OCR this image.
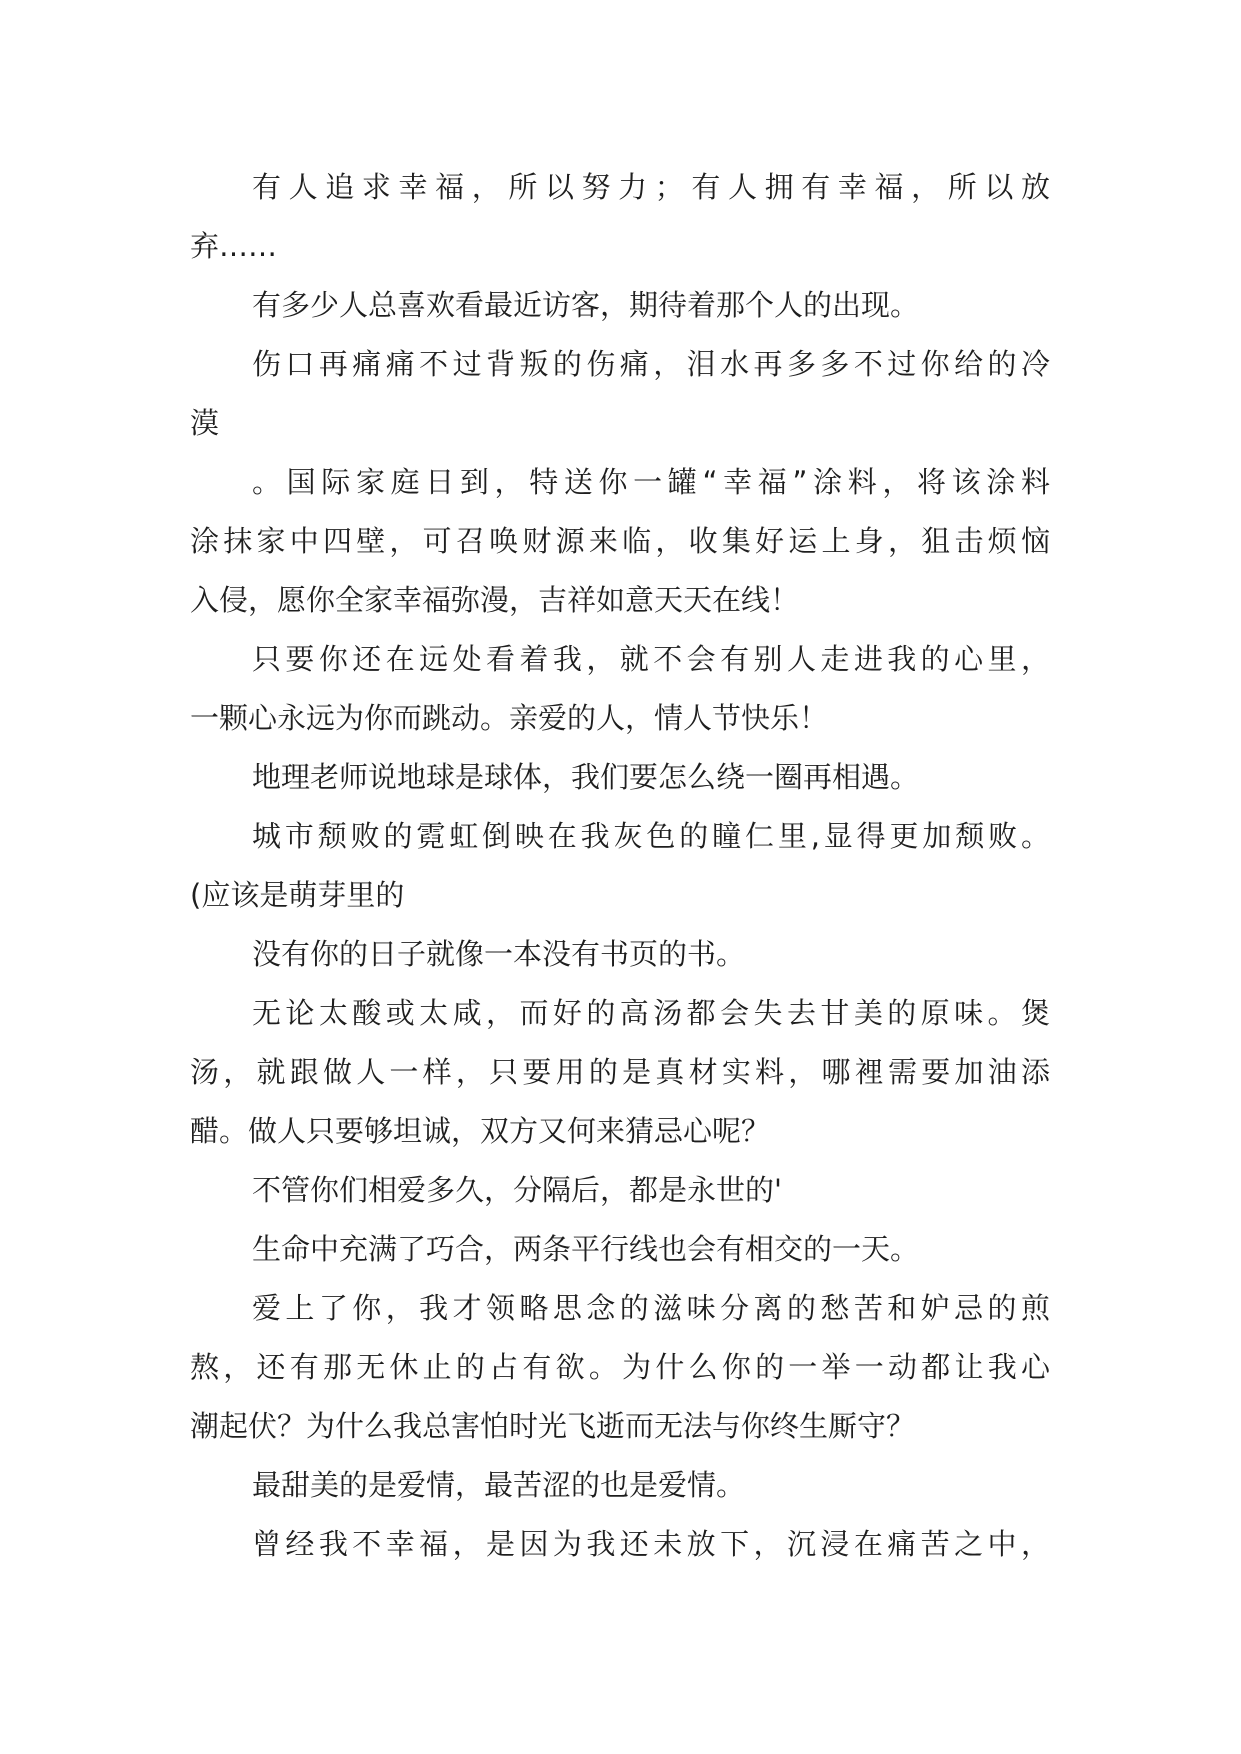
有人追求幸福，所以努力；有人拥有幸福，所以放
弃……
有多少人总喜欢看最近访客，期待着那个人的出现。
伤口再痛痛不过背叛的伤痛，泪水再多多不过你给的冷
漠
。国际家庭日到，特送你一罐“幸福”涂料，将该涂料
涂抹家中四壁，可召唤财源来临，收集好运上身，狙击烦恼
入侵，愿你全家幸福弥漫，吉祥如意天天在线！
只要你还在远处看着我，就不会有别人走进我的心里，
一颗心永远为你而跳动。亲爱的人，情人节快乐！
地理老师说地球是球体，我们要怎么绕一圈再相遇。
城市颓败的霓虹倒映在我灰色的瞳仁里,显得更加颓败。
(应该是萌芽里的
没有你的日子就像一本没有书页的书。
无论太酸或太咸，而好的高汤都会失去甘美的原味。煲
汤，就跟做人一样，只要用的是真材实料，哪裡需要加油添
醋。做人只要够坦诚，双方又何来猜忌心呢？
不管你们相爱多久，分隔后，都是永世的'
生命中充满了巧合，两条平行线也会有相交的一天。
爱上了你，我才领略思念的滋味分离的愁苦和妒忌的煎
熬，还有那无休止的占有欲。为什么你的一举一动都让我心
潮起伏？为什么我总害怕时光飞逝而无法与你终生厮守？
最甜美的是爱情，最苦涩的也是爱情。
曾经我不幸福，是因为我还未放下，沉浸在痛苦之中，
